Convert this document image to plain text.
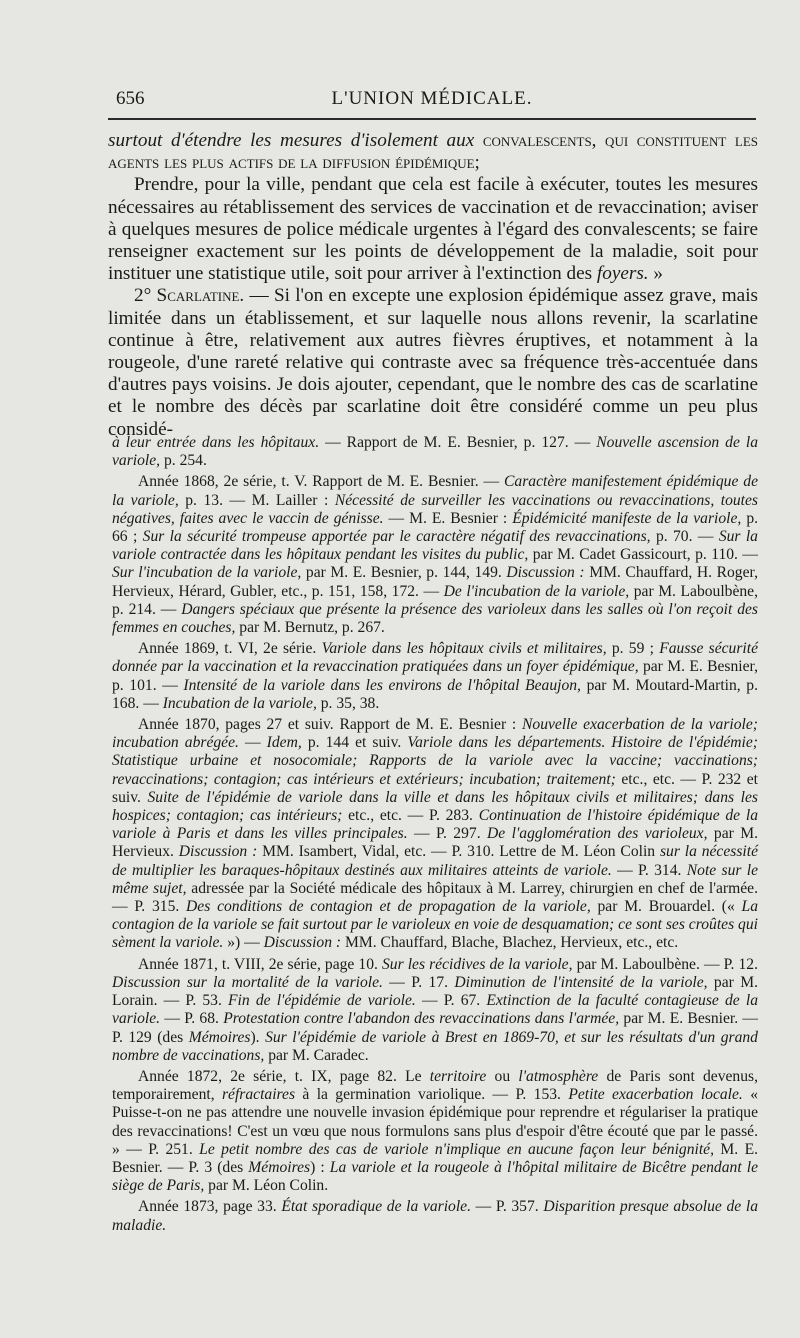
656	L'UNION MÉDICALE.

surtout d'étendre les mesures d'isolement aux convalescents, qui constituent les agents les plus actifs de la diffusion épidémique;

Prendre, pour la ville, pendant que cela est facile à exécuter, toutes les mesures nécessaires au rétablissement des services de vaccination et de revaccination; aviser à quelques mesures de police médicale urgentes à l'égard des convalescents; se faire renseigner exactement sur les points de développement de la maladie, soit pour instituer une statistique utile, soit pour arriver à l'extinction des foyers. »

2° Scarlatine. — Si l'on en excepte une explosion épidémique assez grave, mais limitée dans un établissement, et sur laquelle nous allons revenir, la scarlatine continue à être, relativement aux autres fièvres éruptives, et notamment à la rougeole, d'une rareté relative qui contraste avec sa fréquence très-accentuée dans d'autres pays voisins. Je dois ajouter, cependant, que le nombre des cas de scarlatine et le nombre des décès par scarlatine doit être considéré comme un peu plus considé-

à leur entrée dans les hôpitaux. — Rapport de M. E. Besnier, p. 127. — Nouvelle ascension de la variole, p. 254.

Année 1868, 2e série, t. V. Rapport de M. E. Besnier. — Caractère manifestement épidémique de la variole, p. 13. — M. Lailler : Nécessité de surveiller les vaccinations ou revaccinations, toutes négatives, faites avec le vaccin de génisse. — M. E. Besnier : Épidémicité manifeste de la variole, p. 66 ; Sur la sécurité trompeuse apportée par le caractère négatif des revaccinations, p. 70. — Sur la variole contractée dans les hôpitaux pendant les visites du public, par M. Cadet Gassicourt, p. 110. — Sur l'incubation de la variole, par M. E. Besnier, p. 144, 149. Discussion : MM. Chauffard, H. Roger, Hervieux, Hérard, Gubler, etc., p. 151, 158, 172. — De l'incubation de la variole, par M. Laboulbène, p. 214. — Dangers spéciaux que présente la présence des varioleux dans les salles où l'on reçoit des femmes en couches, par M. Bernutz, p. 267.

Année 1869, t. VI, 2e série. Variole dans les hôpitaux civils et militaires, p. 59 ; Fausse sécurité donnée par la vaccination et la revaccination pratiquées dans un foyer épidémique, par M. E. Besnier, p. 101. — Intensité de la variole dans les environs de l'hôpital Beaujon, par M. Moutard-Martin, p. 168. — Incubation de la variole, p. 35, 38.

Année 1870, pages 27 et suiv. Rapport de M. E. Besnier : Nouvelle exacerbation de la variole; incubation abrégée. — Idem, p. 144 et suiv. Variole dans les départements. Histoire de l'épidémie; Statistique urbaine et nosocomiale; Rapports de la variole avec la vaccine; vaccinations; revaccinations; contagion; cas intérieurs et extérieurs; incubation; traitement; etc., etc. — P. 232 et suiv. Suite de l'épidémie de variole dans la ville et dans les hôpitaux civils et militaires; dans les hospices; contagion; cas intérieurs; etc., etc. — P. 283. Continuation de l'histoire épidémique de la variole à Paris et dans les villes principales. — P. 297. De l'agglomération des varioleux, par M. Hervieux. Discussion : MM. Isambert, Vidal, etc. — P. 310. Lettre de M. Léon Colin sur la nécessité de multiplier les baraques-hôpitaux destinés aux militaires atteints de variole. — P. 314. Note sur le même sujet, adressée par la Société médicale des hôpitaux à M. Larrey, chirurgien en chef de l'armée. — P. 315. Des conditions de contagion et de propagation de la variole, par M. Brouardel. (« La contagion de la variole se fait surtout par le varioleux en voie de desquamation; ce sont ses croûtes qui sèment la variole. ») — Discussion : MM. Chauffard, Blache, Blachez, Hervieux, etc., etc.

Année 1871, t. VIII, 2e série, page 10. Sur les récidives de la variole, par M. Laboulbène. — P. 12. Discussion sur la mortalité de la variole. — P. 17. Diminution de l'intensité de la variole, par M. Lorain. — P. 53. Fin de l'épidémie de variole. — P. 67. Extinction de la faculté contagieuse de la variole. — P. 68. Protestation contre l'abandon des revaccinations dans l'armée, par M. E. Besnier. — P. 129 (des Mémoires). Sur l'épidémie de variole à Brest en 1869-70, et sur les résultats d'un grand nombre de vaccinations, par M. Caradec.

Année 1872, 2e série, t. IX, page 82. Le territoire ou l'atmosphère de Paris sont devenus, temporairement, réfractaires à la germination variolique. — P. 153. Petite exacerbation locale. « Puisse-t-on ne pas attendre une nouvelle invasion épidémique pour reprendre et régulariser la pratique des revaccinations! C'est un vœu que nous formulons sans plus d'espoir d'être écouté que par le passé. » — P. 251. Le petit nombre des cas de variole n'implique en aucune façon leur bénignité, M. E. Besnier. — P. 3 (des Mémoires) : La variole et la rougeole à l'hôpital militaire de Bicêtre pendant le siège de Paris, par M. Léon Colin.

Année 1873, page 33. État sporadique de la variole. — P. 357. Disparition presque absolue de la maladie.
